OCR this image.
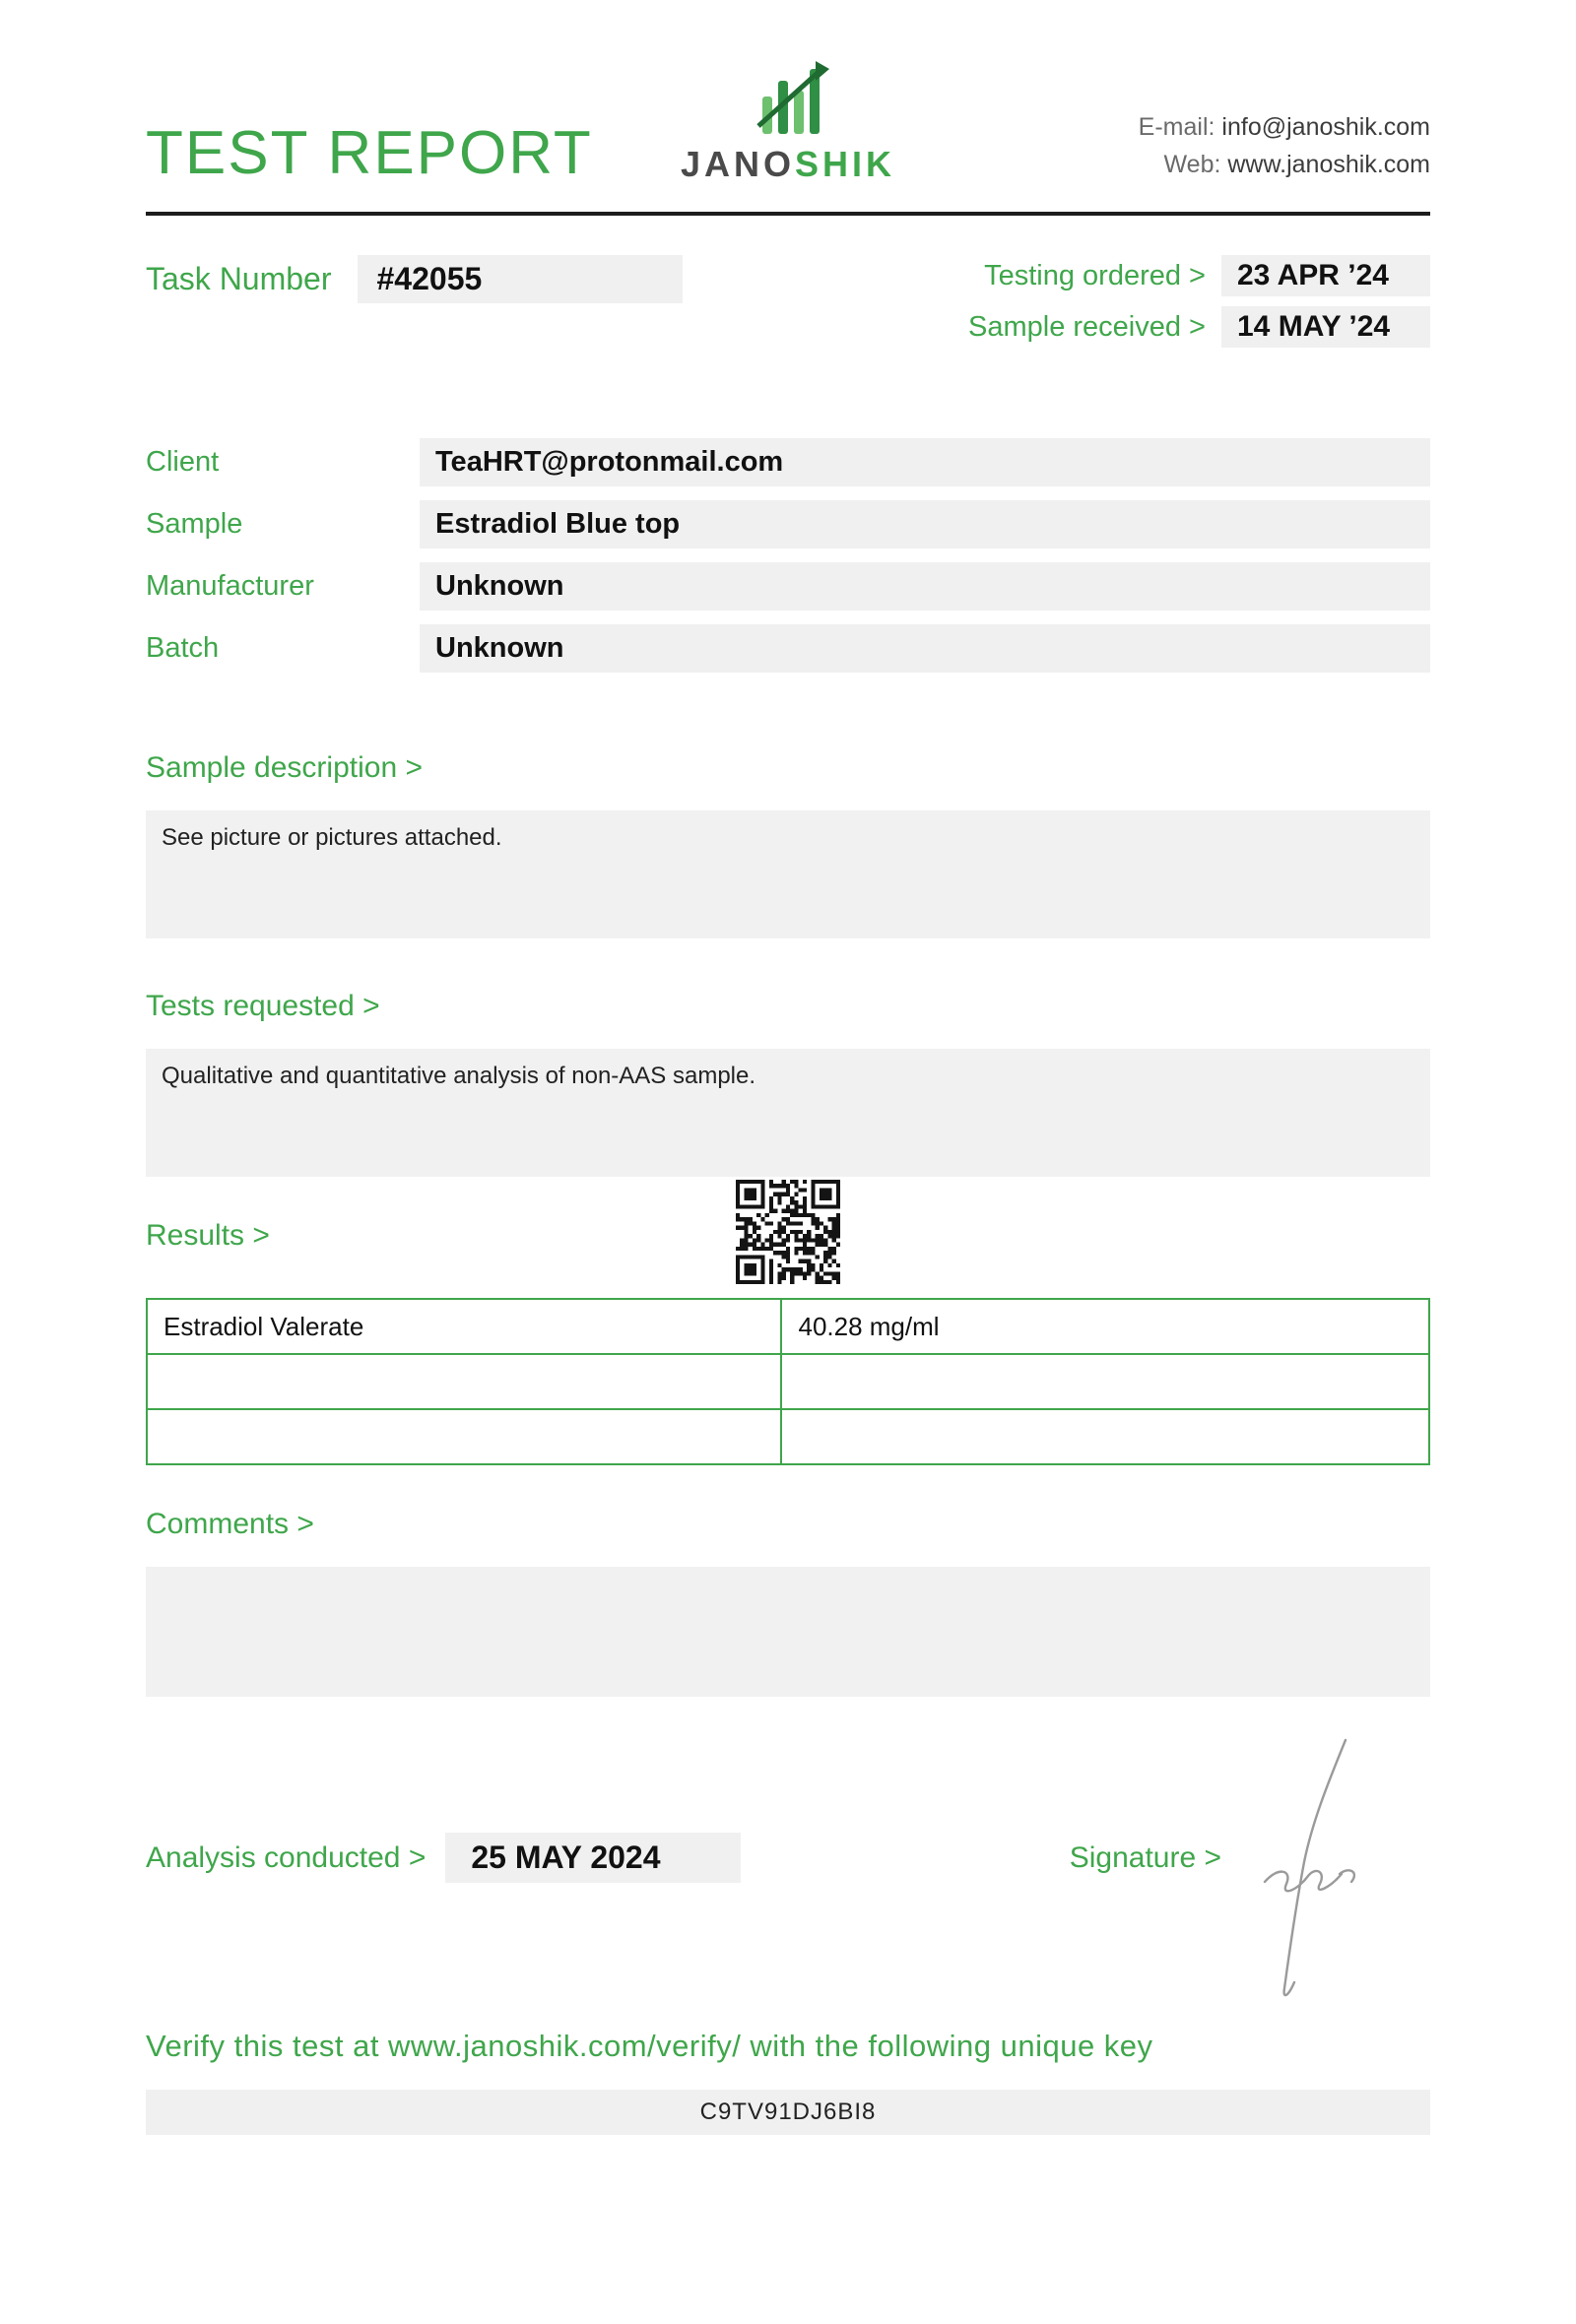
TEST REPORT	JANOSHIK
E-mail: info@janoshik.com
Web: www.janoshik.com
Task Number	#42055	Testing ordered >	23 APR ’24
Sample received >	14 MAY ’24
Client	TeaHRT@protonmail.com
Sample	Estradiol Blue top
Manufacturer	Unknown
Batch	Unknown
Sample description >
See picture or pictures attached.
Tests requested >
Qualitative and quantitative analysis of non-AAS sample.
Results >
Estradiol Valerate	40.28 mg/ml

Comments >
Analysis conducted >	25 MAY 2024	Signature >
Verify this test at www.janoshik.com/verify/ with the following unique key
C9TV91DJ6BI8
